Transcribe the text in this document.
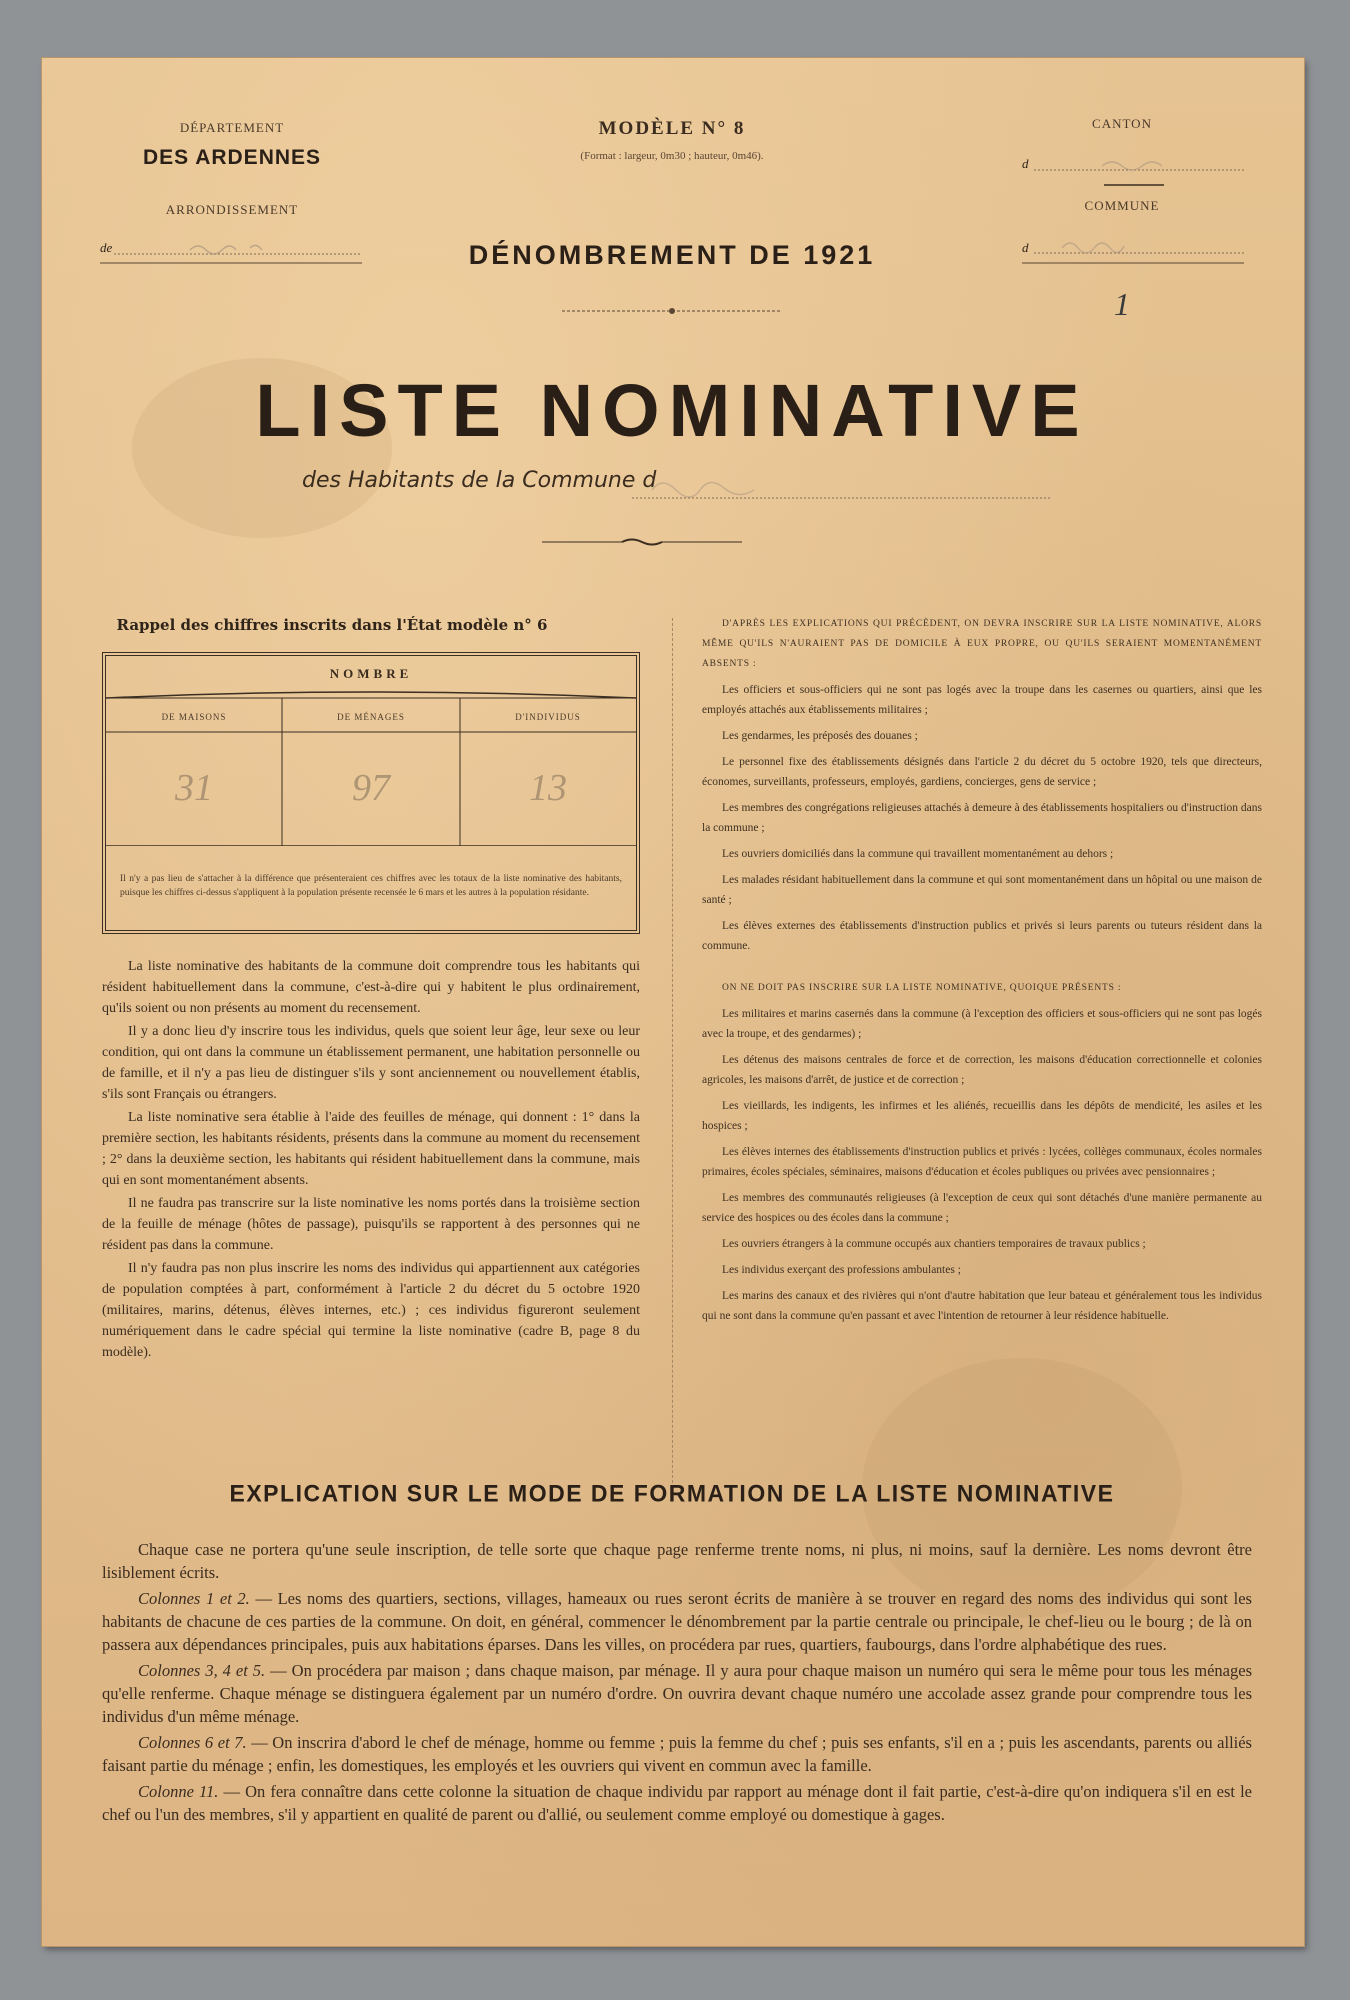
DÉPARTEMENT
DES ARDENNES
ARRONDISSEMENT
de
MODÈLE N° 8
(Format : largeur, 0m30 ; hauteur, 0m46).
CANTON
d
COMMUNE
d
DÉNOMBREMENT DE 1921
1
LISTE NOMINATIVE
des Habitants de la Commune d
Rappel des chiffres inscrits dans l'État modèle n° 6
NOMBRE
DE MAISONS	DE MÉNAGES	D'INDIVIDUS
31	97	13
Il n'y a pas lieu de s'attacher à la différence que présenteraient ces chiffres avec les totaux de la liste nominative des habitants, puisque les chiffres ci-dessus s'appliquent à la population présente recensée le 6 mars et les autres à la population résidante.

La liste nominative des habitants de la commune doit comprendre tous les habitants qui résident habituellement dans la commune, c'est-à-dire qui y habitent le plus ordinairement, qu'ils soient ou non présents au moment du recensement.

Il y a donc lieu d'y inscrire tous les individus, quels que soient leur âge, leur sexe ou leur condition, qui ont dans la commune un établissement permanent, une habitation personnelle ou de famille, et il n'y a pas lieu de distinguer s'ils y sont anciennement ou nouvellement établis, s'ils sont Français ou étrangers.

La liste nominative sera établie à l'aide des feuilles de ménage, qui donnent : 1° dans la première section, les habitants résidents, présents dans la commune au moment du recensement ; 2° dans la deuxième section, les habitants qui résident habituellement dans la commune, mais qui en sont momentanément absents.

Il ne faudra pas transcrire sur la liste nominative les noms portés dans la troisième section de la feuille de ménage (hôtes de passage), puisqu'ils se rapportent à des personnes qui ne résident pas dans la commune.

Il n'y faudra pas non plus inscrire les noms des individus qui appartiennent aux catégories de population comptées à part, conformément à l'article 2 du décret du 5 octobre 1920 (militaires, marins, détenus, élèves internes, etc.) ; ces individus figureront seulement numériquement dans le cadre spécial qui termine la liste nominative (cadre B, page 8 du modèle).

D'APRÈS LES EXPLICATIONS QUI PRÉCÈDENT, ON DEVRA INSCRIRE SUR LA LISTE NOMINATIVE, ALORS MÊME QU'ILS N'AURAIENT PAS DE DOMICILE À EUX PROPRE, OU QU'ILS SERAIENT MOMENTANÉMENT ABSENTS :

Les officiers et sous-officiers qui ne sont pas logés avec la troupe dans les casernes ou quartiers, ainsi que les employés attachés aux établissements militaires ;

Les gendarmes, les préposés des douanes ;

Le personnel fixe des établissements désignés dans l'article 2 du décret du 5 octobre 1920, tels que directeurs, économes, surveillants, professeurs, employés, gardiens, concierges, gens de service ;

Les membres des congrégations religieuses attachés à demeure à des établissements hospitaliers ou d'instruction dans la commune ;

Les ouvriers domiciliés dans la commune qui travaillent momentanément au dehors ;

Les malades résidant habituellement dans la commune et qui sont momentanément dans un hôpital ou une maison de santé ;

Les élèves externes des établissements d'instruction publics et privés si leurs parents ou tuteurs résident dans la commune.

ON NE DOIT PAS INSCRIRE SUR LA LISTE NOMINATIVE, QUOIQUE PRÉSENTS :

Les militaires et marins casernés dans la commune (à l'exception des officiers et sous-officiers qui ne sont pas logés avec la troupe, et des gendarmes) ;

Les détenus des maisons centrales de force et de correction, les maisons d'éducation correctionnelle et colonies agricoles, les maisons d'arrêt, de justice et de correction ;

Les vieillards, les indigents, les infirmes et les aliénés, recueillis dans les dépôts de mendicité, les asiles et les hospices ;

Les élèves internes des établissements d'instruction publics et privés : lycées, collèges communaux, écoles normales primaires, écoles spéciales, séminaires, maisons d'éducation et écoles publiques ou privées avec pensionnaires ;

Les membres des communautés religieuses (à l'exception de ceux qui sont détachés d'une manière permanente au service des hospices ou des écoles dans la commune ;

Les ouvriers étrangers à la commune occupés aux chantiers temporaires de travaux publics ;

Les individus exerçant des professions ambulantes ;

Les marins des canaux et des rivières qui n'ont d'autre habitation que leur bateau et généralement tous les individus qui ne sont dans la commune qu'en passant et avec l'intention de retourner à leur résidence habituelle.

EXPLICATION SUR LE MODE DE FORMATION DE LA LISTE NOMINATIVE

Chaque case ne portera qu'une seule inscription, de telle sorte que chaque page renferme trente noms, ni plus, ni moins, sauf la dernière. Les noms devront être lisiblement écrits.

Colonnes 1 et 2. — Les noms des quartiers, sections, villages, hameaux ou rues seront écrits de manière à se trouver en regard des noms des individus qui sont les habitants de chacune de ces parties de la commune. On doit, en général, commencer le dénombrement par la partie centrale ou principale, le chef-lieu ou le bourg ; de là on passera aux dépendances principales, puis aux habitations éparses. Dans les villes, on procédera par rues, quartiers, faubourgs, dans l'ordre alphabétique des rues.

Colonnes 3, 4 et 5. — On procédera par maison ; dans chaque maison, par ménage. Il y aura pour chaque maison un numéro qui sera le même pour tous les ménages qu'elle renferme. Chaque ménage se distinguera également par un numéro d'ordre. On ouvrira devant chaque numéro une accolade assez grande pour comprendre tous les individus d'un même ménage.

Colonnes 6 et 7. — On inscrira d'abord le chef de ménage, homme ou femme ; puis la femme du chef ; puis ses enfants, s'il en a ; puis les ascendants, parents ou alliés faisant partie du ménage ; enfin, les domestiques, les employés et les ouvriers qui vivent en commun avec la famille.

Colonne 11. — On fera connaître dans cette colonne la situation de chaque individu par rapport au ménage dont il fait partie, c'est-à-dire qu'on indiquera s'il en est le chef ou l'un des membres, s'il y appartient en qualité de parent ou d'allié, ou seulement comme employé ou domestique à gages.
